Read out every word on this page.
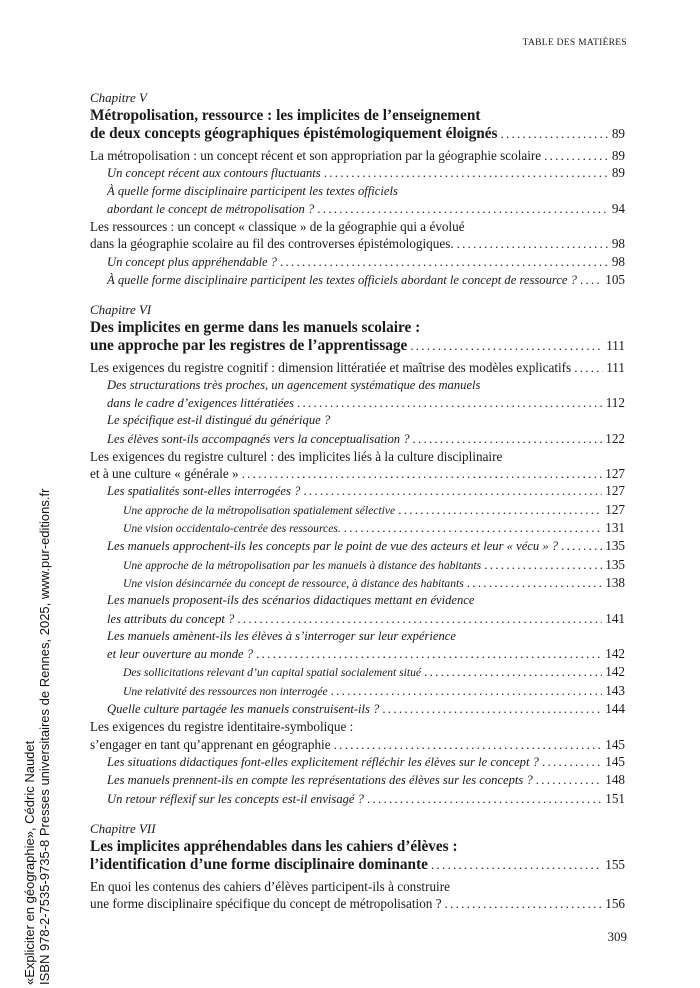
TABLE DES MATIÈRES
Chapitre V
Métropolisation, ressource : les implicites de l’enseignement
de deux concepts géographiques épistémologiquement éloignés . . .	89
La métropolisation : un concept récent et son appropriation par la géographie scolaire . . .	89
Un concept récent aux contours fluctuants . . .	89
À quelle forme disciplinaire participent les textes officiels
abordant le concept de métropolisation ? . . .	94
Les ressources : un concept « classique » de la géographie qui a évolué
dans la géographie scolaire au fil des controverses épistémologiques. . . .	98
Un concept plus appréhendable ? . . .	98
À quelle forme disciplinaire participent les textes officiels abordant le concept de ressource ? . . . 105
Chapitre VI
Des implicites en germe dans les manuels scolaire :
une approche par les registres de l’apprentissage . . .	111
Les exigences du registre cognitif : dimension littératiée et maîtrise des modèles explicatifs . . .	111
Des structurations très proches, un agencement systématique des manuels
dans le cadre d’exigences littératiées . . .	112
Le spécifique est-il distingué du générique ?
Les élèves sont-ils accompagnés vers la conceptualisation ? . . .	122
Les exigences du registre culturel : des implicites liés à la culture disciplinaire
et à une culture « générale » . . .	127
Les spatialités sont-elles interrogées ? . . .	127
Une approche de la métropolisation spatialement sélective . . .	127
Une vision occidentalo-centrée des ressources. . . .	131
Les manuels approchent-ils les concepts par le point de vue des acteurs et leur « vécu » ? . . .	135
Une approche de la métropolisation par les manuels à distance des habitants . . .	135
Une vision désincarnée du concept de ressource, à distance des habitants . . .	138
Les manuels proposent-ils des scénarios didactiques mettant en évidence
les attributs du concept ? . . .	141
Les manuels amènent-ils les élèves à s’interroger sur leur expérience
et leur ouverture au monde ? . . .	142
Des sollicitations relevant d’un capital spatial socialement situé . . .	142
Une relativité des ressources non interrogée . . .	143
Quelle culture partagée les manuels construisent-ils ? . . .	144
Les exigences du registre identitaire-symbolique :
s’engager en tant qu’apprenant en géographie . . .	145
Les situations didactiques font-elles explicitement réfléchir les élèves sur le concept ? . . .	145
Les manuels prennent-ils en compte les représentations des élèves sur les concepts ? . . .	148
Un retour réflexif sur les concepts est-il envisagé ? . . .	151
Chapitre VII
Les implicites appréhendables dans les cahiers d’élèves :
l’identification d’une forme disciplinaire dominante . . .	155
En quoi les contenus des cahiers d’élèves participent-ils à construire
une forme disciplinaire spécifique du concept de métropolisation ? . . .	156
309
«Expliciter en géographie», Cédric Naudet ISBN 978-2-7535-9735-8 Presses universitaires de Rennes, 2025, www.pur-editions.fr
